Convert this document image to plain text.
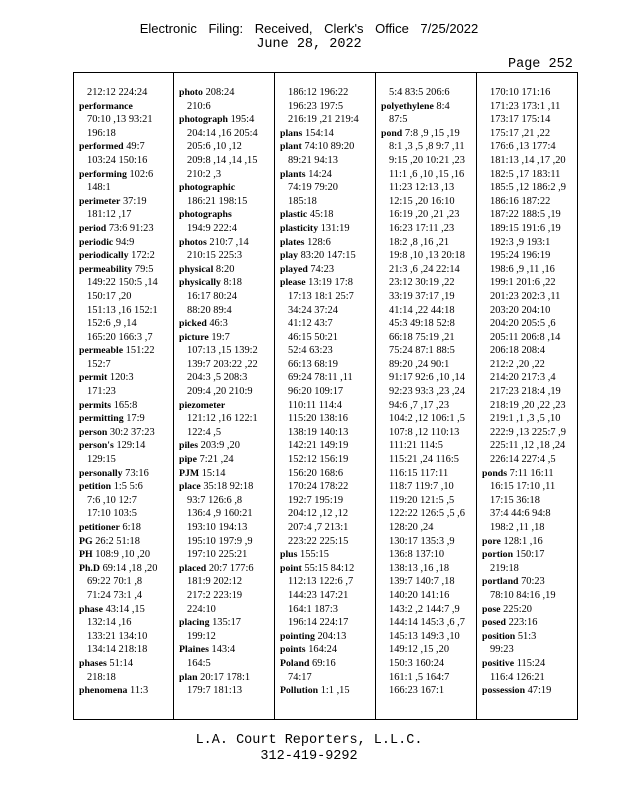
Electronic Filing: Received, Clerk's Office 7/25/2022
June 28, 2022
Page 252
212:12 224:24
performance
70:10 ,13 93:21
196:18
performed 49:7
103:24 150:16
performing 102:6
148:1
perimeter 37:19
181:12 ,17
period 73:6 91:23
periodic 94:9
periodically 172:2
permeability 79:5
149:22 150:5 ,14
150:17 ,20
151:13 ,16 152:1
152:6 ,9 ,14
165:20 166:3 ,7
permeable 151:22
152:7
permit 120:3
171:23
permits 165:8
permitting 17:9
person 30:2 37:23
person's 129:14
129:15
personally 73:16
petition 1:5 5:6
7:6 ,10 12:7
17:10 103:5
petitioner 6:18
PG 26:2 51:18
PH 108:9 ,10 ,20
Ph.D 69:14 ,18 ,20
69:22 70:1 ,8
71:24 73:1 ,4
phase 43:14 ,15
132:14 ,16
133:21 134:10
134:14 218:18
phases 51:14
218:18
phenomena 11:3
photo 208:24
210:6
photograph 195:4
204:14 ,16 205:4
205:6 ,10 ,12
209:8 ,14 ,14 ,15
210:2 ,3
photographic
186:21 198:15
photographs
194:9 222:4
photos 210:7 ,14
210:15 225:3
physical 8:20
physically 8:18
16:17 80:24
88:20 89:4
picked 46:3
picture 19:7
107:13 ,15 139:2
139:7 203:22 ,22
204:3 ,5 208:3
209:4 ,20 210:9
piezometer
121:12 ,16 122:1
122:4 ,5
piles 203:9 ,20
pipe 7:21 ,24
PJM 15:14
place 35:18 92:18
93:7 126:6 ,8
136:4 ,9 160:21
193:10 194:13
195:10 197:9 ,9
197:10 225:21
placed 20:7 177:6
181:9 202:12
217:2 223:19
224:10
placing 135:17
199:12
Plaines 143:4
164:5
plan 20:17 178:1
179:7 181:13
186:12 196:22
196:23 197:5
216:19 ,21 219:4
plans 154:14
plant 74:10 89:20
89:21 94:13
plants 14:24
74:19 79:20
185:18
plastic 45:18
plasticity 131:19
plates 128:6
play 83:20 147:15
played 74:23
please 13:19 17:8
17:13 18:1 25:7
34:24 37:24
41:12 43:7
46:15 50:21
52:4 63:23
66:13 68:19
69:24 78:11 ,11
96:20 109:17
110:11 114:4
115:20 138:16
138:19 140:13
142:21 149:19
152:12 156:19
156:20 168:6
170:24 178:22
192:7 195:19
204:12 ,12 ,12
207:4 ,7 213:1
223:22 225:15
plus 155:15
point 55:15 84:12
112:13 122:6 ,7
144:23 147:21
164:1 187:3
196:14 224:17
pointing 204:13
points 164:24
Poland 69:16
74:17
Pollution 1:1 ,15
5:4 83:5 206:6
polyethylene 8:4
87:5
pond 7:8 ,9 ,15 ,19
8:1 ,3 ,5 ,8 9:7 ,11
9:15 ,20 10:21 ,23
11:1 ,6 ,10 ,15 ,16
11:23 12:13 ,13
12:15 ,20 16:10
16:19 ,20 ,21 ,23
16:23 17:11 ,23
18:2 ,8 ,16 ,21
19:8 ,10 ,13 20:18
21:3 ,6 ,24 22:14
23:12 30:19 ,22
33:19 37:17 ,19
41:14 ,22 44:18
45:3 49:18 52:8
66:18 75:19 ,21
75:24 87:1 88:5
89:20 ,24 90:1
91:17 92:6 ,10 ,14
92:23 93:3 ,23 ,24
94:6 ,7 ,17 ,23
104:2 ,12 106:1 ,5
107:8 ,12 110:13
111:21 114:5
115:21 ,24 116:5
116:15 117:11
118:7 119:7 ,10
119:20 121:5 ,5
122:22 126:5 ,5 ,6
128:20 ,24
130:17 135:3 ,9
136:8 137:10
138:13 ,16 ,18
139:7 140:7 ,18
140:20 141:16
143:2 ,2 144:7 ,9
144:14 145:3 ,6 ,7
145:13 149:3 ,10
149:12 ,15 ,20
150:3 160:24
161:1 ,5 164:7
166:23 167:1
170:10 171:16
171:23 173:1 ,11
173:17 175:14
175:17 ,21 ,22
176:6 ,13 177:4
181:13 ,14 ,17 ,20
182:5 ,17 183:11
185:5 ,12 186:2 ,9
186:16 187:22
187:22 188:5 ,19
189:15 191:6 ,19
192:3 ,9 193:1
195:24 196:19
198:6 ,9 ,11 ,16
199:1 201:6 ,22
201:23 202:3 ,11
203:20 204:10
204:20 205:5 ,6
205:11 206:8 ,14
206:18 208:4
212:2 ,20 ,22
214:20 217:3 ,4
217:23 218:4 ,19
218:19 ,20 ,22 ,23
219:1 ,1 ,3 ,5 ,10
222:9 ,13 225:7 ,9
225:11 ,12 ,18 ,24
226:14 227:4 ,5
ponds 7:11 16:11
16:15 17:10 ,11
17:15 36:18
37:4 44:6 94:8
198:2 ,11 ,18
pore 128:1 ,16
portion 150:17
219:18
portland 70:23
78:10 84:16 ,19
pose 225:20
posed 223:16
position 51:3
99:23
positive 115:24
116:4 126:21
possession 47:19
L.A. Court Reporters, L.L.C.
312-419-9292
